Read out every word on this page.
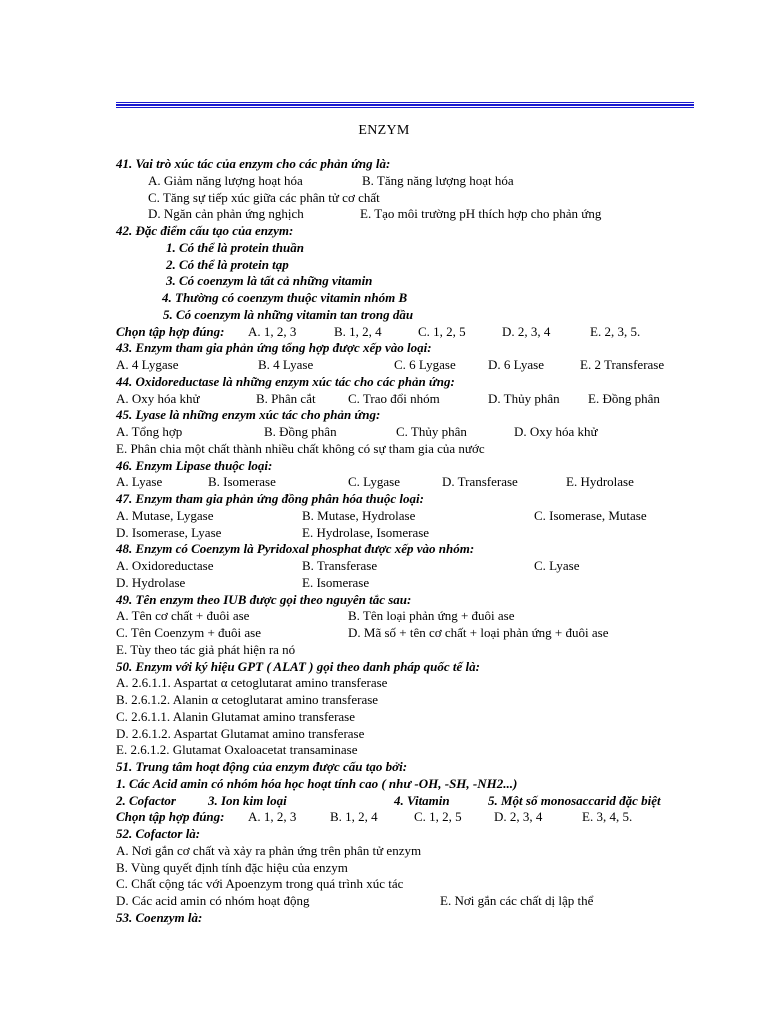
ENZYM
41. Vai trò xúc tác của enzym cho các phản ứng là:
A. Giảm năng lượng hoạt hóa	B. Tăng năng lượng hoạt hóa
C. Tăng sự tiếp xúc giữa các phân tử cơ chất
D. Ngăn cản phản ứng nghịch	E. Tạo môi trường pH thích hợp cho phản ứng
42. Đặc điểm cấu tạo của enzym:
1. Có thể là protein thuần
2. Có thể là protein tạp
3. Có coenzym là tất cả những vitamin
4. Thường có coenzym thuộc vitamin nhóm B
5. Có coenzym là những vitamin tan trong dầu
Chọn tập hợp đúng: A. 1, 2, 3	B. 1, 2, 4	C. 1, 2, 5	D. 2, 3, 4	E. 2, 3, 5.
43. Enzym tham gia phản ứng tổng hợp được xếp vào loại:
A. 4 Lygase	B. 4 Lyase	C. 6 Lygase D. 6 Lyase	E. 2 Transferase
44. Oxidoreductase là những enzym xúc tác cho các phản ứng:
A. Oxy hóa khử	B. Phân cắt C. Trao đổi nhóm	D. Thủy phân E. Đồng phân
45. Lyase là những enzym xúc tác cho phản ứng:
A. Tổng hợp	B. Đồng phân	C. Thủy phân	D. Oxy hóa khử
E. Phân chia một chất thành nhiều chất không có sự tham gia của nước
46. Enzym Lipase thuộc loại:
A. Lyase	B. Isomerase	C. Lygase	D. Transferase	E. Hydrolase
47. Enzym tham gia phản ứng đồng phân hóa thuộc loại:
A. Mutase, Lygase	B. Mutase, Hydrolase	C. Isomerase, Mutase
D. Isomerase, Lyase	E. Hydrolase, Isomerase
48. Enzym có Coenzym là Pyridoxal phosphat được xếp vào nhóm:
A. Oxidoreductase	B. Transferase	C. Lyase
D. Hydrolase	E. Isomerase
49. Tên enzym theo IUB được gọi theo nguyên tắc sau:
A. Tên cơ chất + đuôi ase	B. Tên loại phản ứng + đuôi ase
C. Tên Coenzym + đuôi ase	D. Mã số + tên cơ chất + loại phản ứng + đuôi ase
E. Tùy theo tác giả phát hiện ra nó
50. Enzym với ký hiệu GPT ( ALAT ) gọi theo danh pháp quốc tế là:
A. 2.6.1.1. Aspartat α cetoglutarat amino transferase
B. 2.6.1.2. Alanin α cetoglutarat amino transferase
C. 2.6.1.1. Alanin Glutamat amino transferase
D. 2.6.1.2. Aspartat Glutamat amino transferase
E. 2.6.1.2. Glutamat Oxaloacetat transaminase
51. Trung tâm hoạt động của enzym được cấu tạo bởi:
1. Các Acid amin có nhóm hóa học hoạt tính cao ( như -OH, -SH, -NH2...)
2. Cofactor 3. Ion kim loại	4. Vitamin	5. Một số monosaccarid đặc biệt
Chọn tập hợp đúng: A. 1, 2, 3	B. 1, 2, 4	C. 1, 2, 5 D. 2, 3, 4	E. 3, 4, 5.
52. Cofactor là:
A. Nơi gắn cơ chất và xảy ra phản ứng trên phân tử enzym
B. Vùng quyết định tính đặc hiệu của enzym
C. Chất cộng tác với Apoenzym trong quá trình xúc tác
D. Các acid amin có nhóm hoạt động	E. Nơi gắn các chất dị lập thể
53. Coenzym là:
